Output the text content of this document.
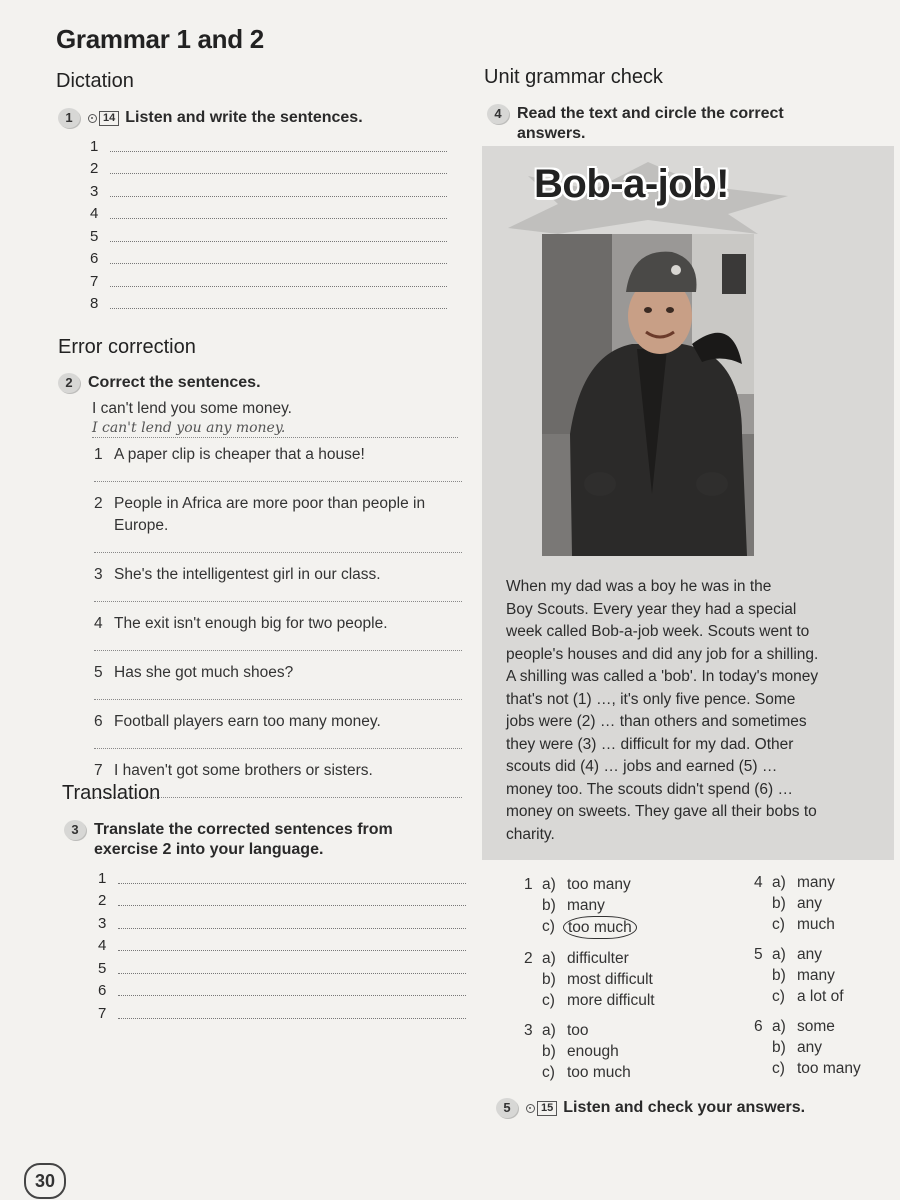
Grammar 1 and 2
Dictation
1	14 Listen and write the sentences.
1
2
3
4
5
6
7
8
Error correction
2 Correct the sentences.
I can't lend you some money.
I can't lend you any money.
1 A paper clip is cheaper that a house!
2 People in Africa are more poor than people in Europe.
3 She's the intelligentest girl in our class.
4 The exit isn't enough big for two people.
5 Has she got much shoes?
6 Football players earn too many money.
7 I haven't got some brothers or sisters.
Translation
3 Translate the corrected sentences from exercise 2 into your language.
1
2
3
4
5
6
7
Unit grammar check
4 Read the text and circle the correct answers.
Bob-a-job!
When my dad was a boy he was in the
Boy Scouts. Every year they had a special
week called Bob-a-job week. Scouts went to
people's houses and did any job for a shilling.
A shilling was called a 'bob'. In today's money
that's not (1) …, it's only five pence. Some
jobs were (2) … than others and sometimes
they were (3) … difficult for my dad. Other
scouts did (4) … jobs and earned (5) …
money too. The scouts didn't spend (6) …
money on sweets. They gave all their bobs to
charity.
1 a) too many
b) many
c) too much
2 a) difficulter
b) most difficult
c) more difficult
3 a) too
b) enough
c) too much
4 a) many
b) any
c) much
5 a) any
b) many
c) a lot of
6 a) some
b) any
c) too many
5	15 Listen and check your answers.
30
